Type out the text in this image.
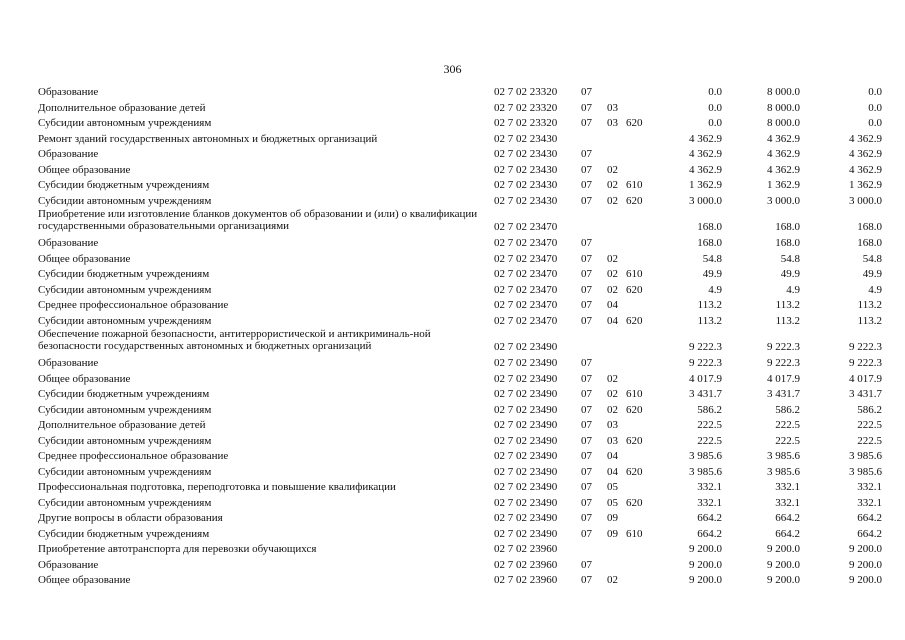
306
Образование	02 7 02 23320 07	0.0	8 000.0	0.0
Дополнительное образование детей	02 7 02 23320 07 03	0.0	8 000.0	0.0
Субсидии автономным учреждениям	02 7 02 23320 07 03 620	0.0	8 000.0	0.0
Ремонт зданий государственных автономных и бюджетных организаций	02 7 02 23430	4 362.9	4 362.9	4 362.9
Образование	02 7 02 23430 07	4 362.9	4 362.9	4 362.9
Общее образование	02 7 02 23430 07 02	4 362.9	4 362.9	4 362.9
Субсидии бюджетным учреждениям	02 7 02 23430 07 02 610	1 362.9	1 362.9	1 362.9
Субсидии автономным учреждениям	02 7 02 23430 07 02 620	3 000.0	3 000.0	3 000.0
Приобретение или изготовление бланков документов об образовании и (или) о квалификации государственными образовательными организациями	02 7 02 23470	168.0	168.0	168.0
Образование	02 7 02 23470 07	168.0	168.0	168.0
Общее образование	02 7 02 23470 07 02	54.8	54.8	54.8
Субсидии бюджетным учреждениям	02 7 02 23470 07 02 610	49.9	49.9	49.9
Субсидии автономным учреждениям	02 7 02 23470 07 02 620	4.9	4.9	4.9
Среднее профессиональное образование	02 7 02 23470 07 04	113.2	113.2	113.2
Субсидии автономным учреждениям	02 7 02 23470 07 04 620	113.2	113.2	113.2
Обеспечение пожарной безопасности, антитеррористической и антикриминаль-ной безопасности государственных автономных и бюджетных организаций	02 7 02 23490	9 222.3	9 222.3	9 222.3
Образование	02 7 02 23490 07	9 222.3	9 222.3	9 222.3
Общее образование	02 7 02 23490 07 02	4 017.9	4 017.9	4 017.9
Субсидии бюджетным учреждениям	02 7 02 23490 07 02 610	3 431.7	3 431.7	3 431.7
Субсидии автономным учреждениям	02 7 02 23490 07 02 620	586.2	586.2	586.2
Дополнительное образование детей	02 7 02 23490 07 03	222.5	222.5	222.5
Субсидии автономным учреждениям	02 7 02 23490 07 03 620	222.5	222.5	222.5
Среднее профессиональное образование	02 7 02 23490 07 04	3 985.6	3 985.6	3 985.6
Субсидии автономным учреждениям	02 7 02 23490 07 04 620	3 985.6	3 985.6	3 985.6
Профессиональная подготовка, переподготовка и повышение квалификации	02 7 02 23490 07 05	332.1	332.1	332.1
Субсидии автономным учреждениям	02 7 02 23490 07 05 620	332.1	332.1	332.1
Другие вопросы в области образования	02 7 02 23490 07 09	664.2	664.2	664.2
Субсидии бюджетным учреждениям	02 7 02 23490 07 09 610	664.2	664.2	664.2
Приобретение автотранспорта для перевозки обучающихся	02 7 02 23960	9 200.0	9 200.0	9 200.0
Образование	02 7 02 23960 07	9 200.0	9 200.0	9 200.0
Общее образование	02 7 02 23960 07 02	9 200.0	9 200.0	9 200.0
